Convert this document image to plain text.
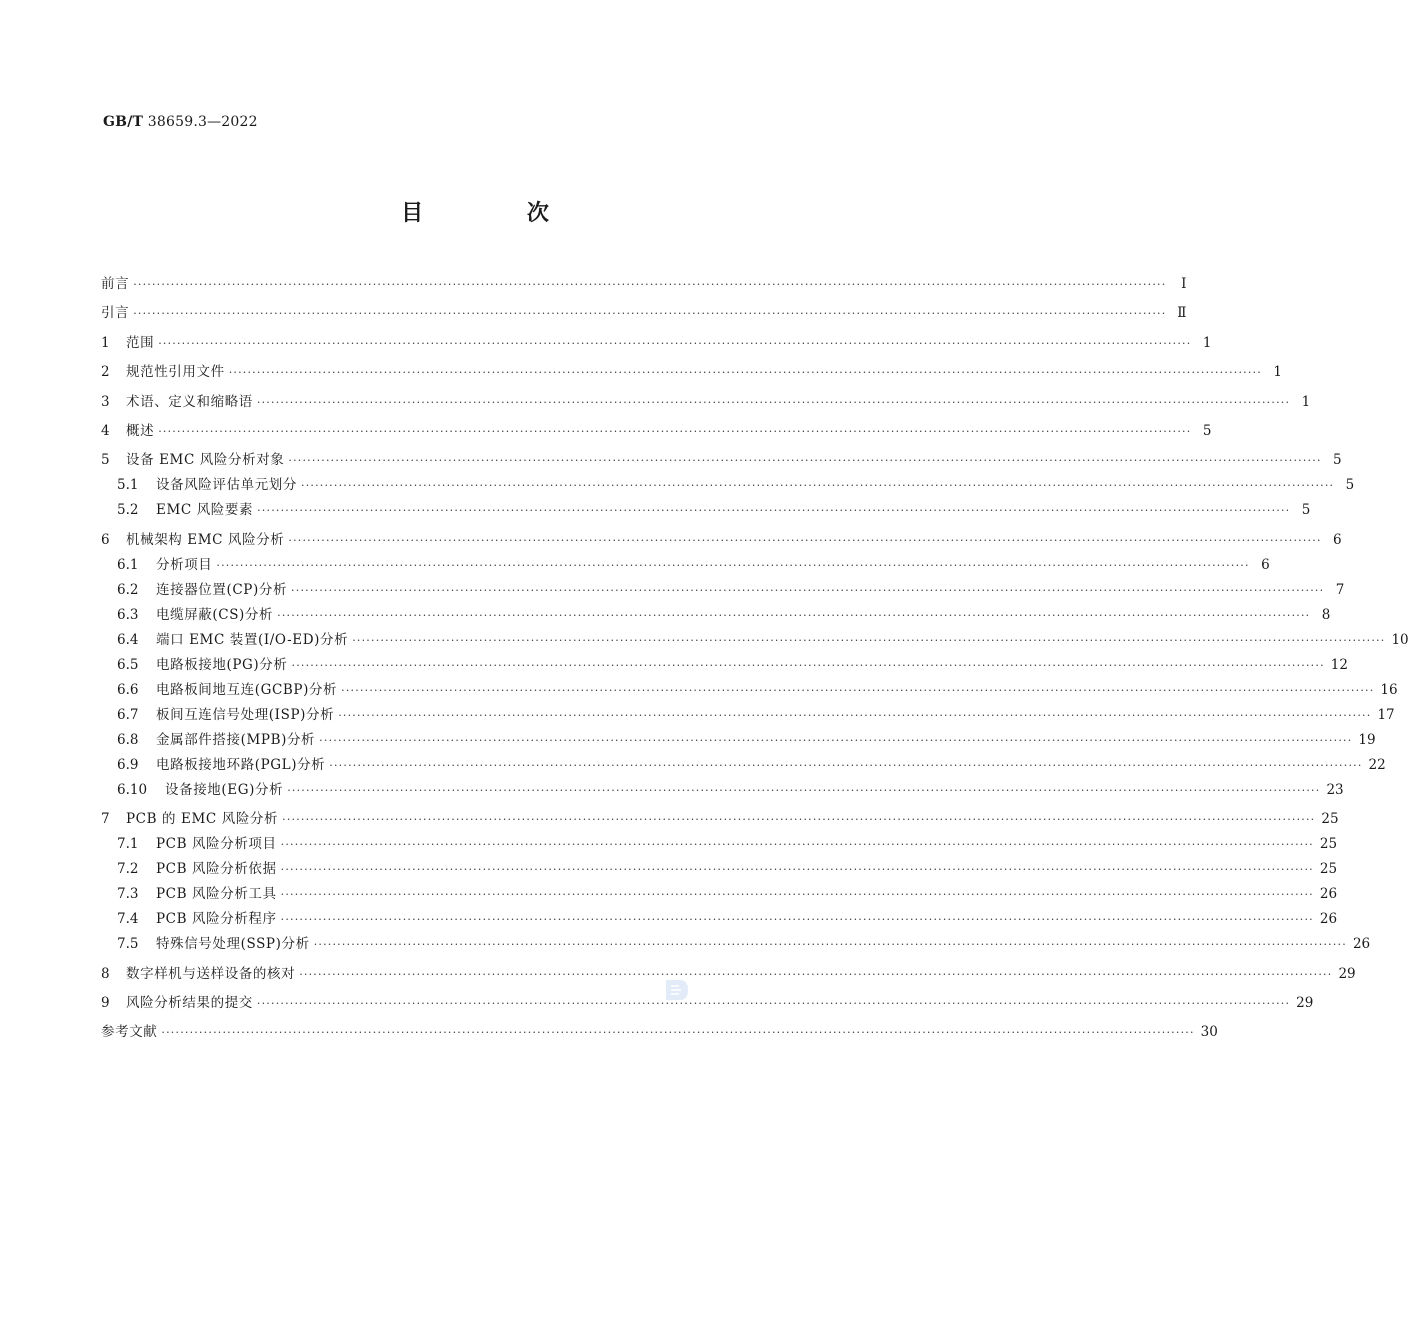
GB/T 38659.3—2022
目 次
前言 ····························································································································································································································	Ⅰ
引言 ···························································································································································································································· Ⅱ
1	范围 ···························································································································································································································· 1
2	规范性引用文件 ···························································································································································································································· 1
3	术语、定义和缩略语 ···························································································································································································································· 1
4	概述 ···························································································································································································································· 5
5	设备 EMC 风险分析对象 ···························································································································································································································· 5
5.1	设备风险评估单元划分 ···························································································································································································································· 5
5.2	EMC 风险要素 ···························································································································································································································· 5
6	机械架构 EMC 风险分析 ···························································································································································································································· 6
6.1	分析项目 ···························································································································································································································· 6
6.2	连接器位置(CP)分析 ···························································································································································································································· 7
6.3	电缆屏蔽(CS)分析 ···························································································································································································································· 8
6.4	端口 EMC 装置(I/O-ED)分析 ···························································································································································································································· 10
6.5	电路板接地(PG)分析 ···························································································································································································································· 12
6.6	电路板间地互连(GCBP)分析 ···························································································································································································································· 16
6.7	板间互连信号处理(ISP)分析 ···························································································································································································································· 17
6.8	金属部件搭接(MPB)分析 ···························································································································································································································· 19
6.9	电路板接地环路(PGL)分析 ···························································································································································································································· 22
6.10	设备接地(EG)分析 ···························································································································································································································· 23
7	PCB 的 EMC 风险分析 ···························································································································································································································· 25
7.1	PCB 风险分析项目 ···························································································································································································································· 25
7.2	PCB 风险分析依据 ···························································································································································································································· 25
7.3	PCB 风险分析工具 ···························································································································································································································· 26
7.4	PCB 风险分析程序 ···························································································································································································································· 26
7.5	特殊信号处理(SSP)分析 ···························································································································································································································· 26
8	数字样机与送样设备的核对 ···························································································································································································································· 29
9	风险分析结果的提交 ···························································································································································································································· 29
参考文献 ···························································································································································································································· 30
